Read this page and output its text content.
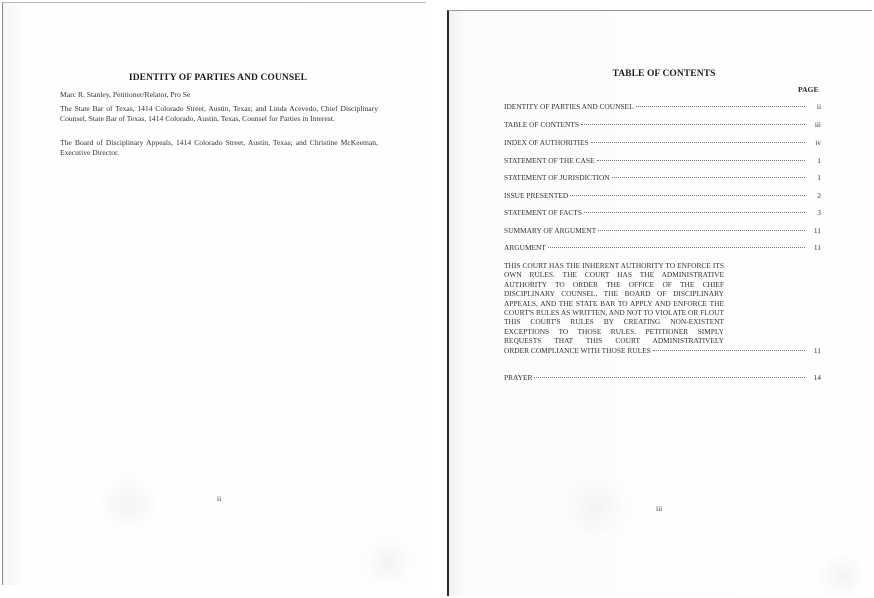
IDENTITY OF PARTIES AND COUNSEL
Marc R. Stanley, Petitioner/Relator, Pro Se
The State Bar of Texas, 1414 Colorado Street, Austin, Texas; and Linda Acevedo, Chief Disciplinary Counsel, State Bar of Texas, 1414 Colorado, Austin, Texas, Counsel for Parties in Interest.
The Board of Disciplinary Appeals, 1414 Colorado Street, Austin, Texas; and Christine McKeeman, Executive Director.
ii
TABLE OF CONTENTS
PAGE
IDENTITY OF PARTIES AND COUNSEL	ii
TABLE OF CONTENTS	iii
INDEX OF AUTHORITIES	iv
STATEMENT OF THE CASE	1
STATEMENT OF JURISDICTION	1
ISSUE PRESENTED	2
STATEMENT OF FACTS	3
SUMMARY OF ARGUMENT	11
ARGUMENT	11
THIS COURT HAS THE INHERENT AUTHORITY TO ENFORCE ITS OWN RULES. THE COURT HAS THE ADMINISTRATIVE AUTHORITY TO ORDER THE OFFICE OF THE CHIEF DISCIPLINARY COUNSEL, THE BOARD OF DISCIPLINARY APPEALS, AND THE STATE BAR TO APPLY AND ENFORCE THE COURT'S RULES AS WRITTEN, AND NOT TO VIOLATE OR FLOUT THIS COURT'S RULES BY CREATING NON-EXISTENT EXCEPTIONS TO THOSE RULES. PETITIONER SIMPLY REQUESTS THAT THIS COURT ADMINISTRATIVELY
ORDER COMPLIANCE WITH THOSE RULES	11
PRAYER	14
iii
